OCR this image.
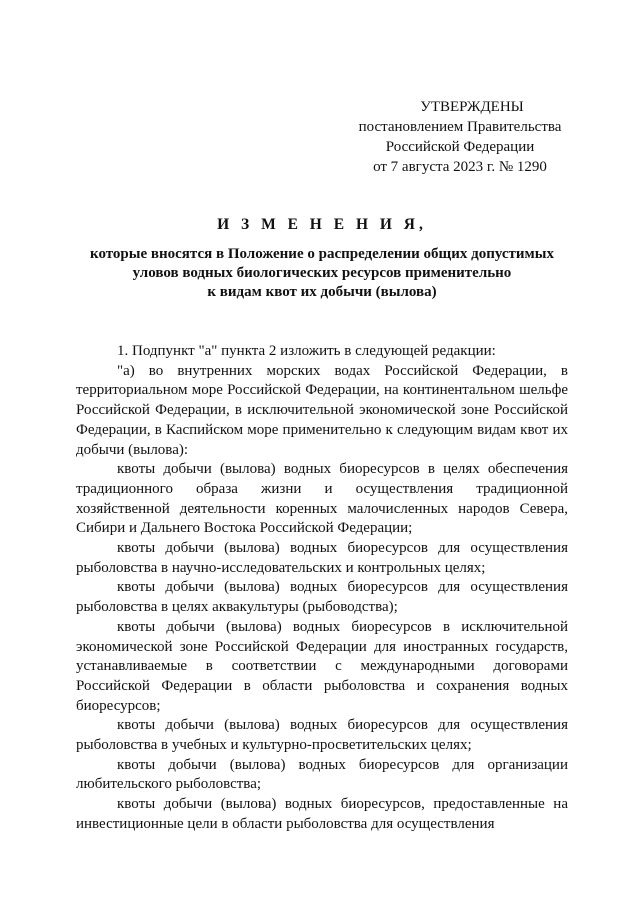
УТВЕРЖДЕНЫ
постановлением Правительства
Российской Федерации
от 7 августа 2023 г. № 1290
И З М Е Н Е Н И Я,
которые вносятся в Положение о распределении общих допустимых
уловов водных биологических ресурсов применительно
к видам квот их добычи (вылова)

1. Подпункт "а" пункта 2 изложить в следующей редакции:

"а) во внутренних морских водах Российской Федерации, в территориальном море Российской Федерации, на континентальном шельфе Российской Федерации, в исключительной экономической зоне Российской Федерации, в Каспийском море применительно к следующим видам квот их добычи (вылова):

квоты добычи (вылова) водных биоресурсов в целях обеспечения традиционного образа жизни и осуществления традиционной хозяйственной деятельности коренных малочисленных народов Севера, Сибири и Дальнего Востока Российской Федерации;

квоты добычи (вылова) водных биоресурсов для осуществления рыболовства в научно-исследовательских и контрольных целях;

квоты добычи (вылова) водных биоресурсов для осуществления рыболовства в целях аквакультуры (рыбоводства);

квоты добычи (вылова) водных биоресурсов в исключительной экономической зоне Российской Федерации для иностранных государств, устанавливаемые в соответствии с международными договорами Российской Федерации в области рыболовства и сохранения водных биоресурсов;

квоты добычи (вылова) водных биоресурсов для осуществления рыболовства в учебных и культурно-просветительских целях;

квоты добычи (вылова) водных биоресурсов для организации любительского рыболовства;

квоты добычи (вылова) водных биоресурсов, предоставленные на инвестиционные цели в области рыболовства для осуществления
